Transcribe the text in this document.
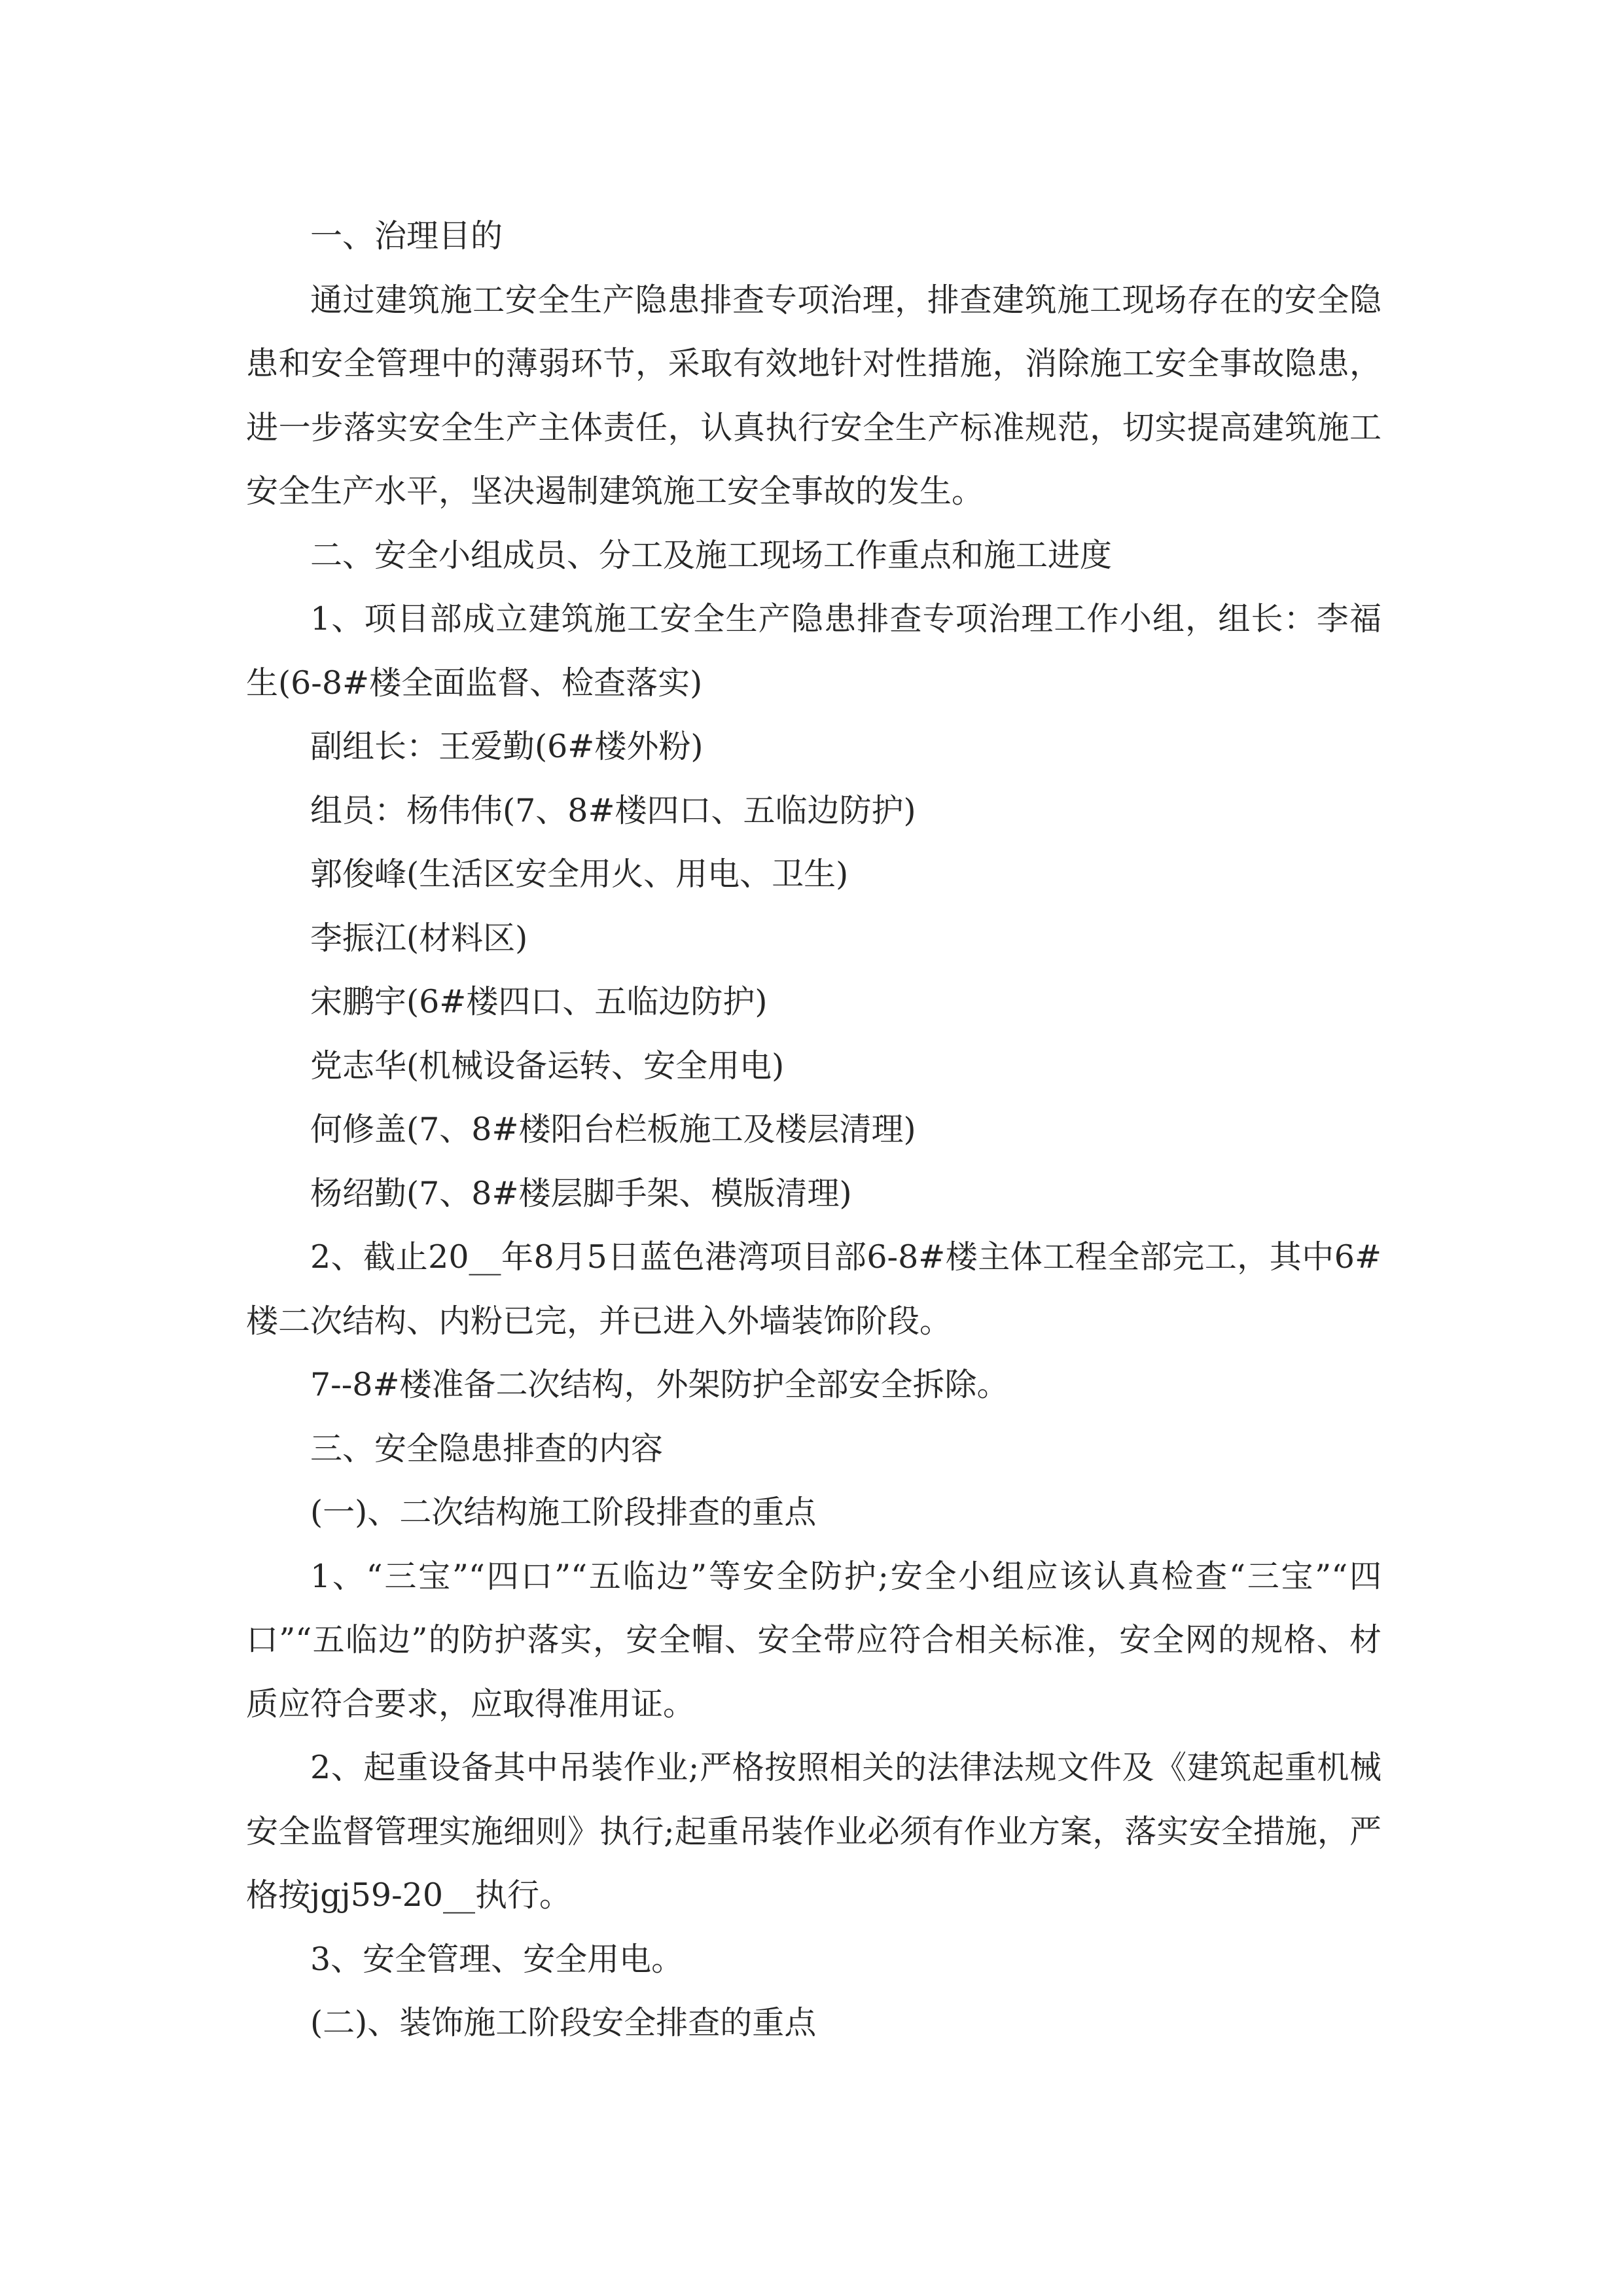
一、治理目的

通过建筑施工安全生产隐患排查专项治理，排查建筑施工现场存在的安全隐患和安全管理中的薄弱环节，采取有效地针对性措施，消除施工安全事故隐患，进一步落实安全生产主体责任，认真执行安全生产标准规范，切实提高建筑施工安全生产水平，坚决遏制建筑施工安全事故的发生。

二、安全小组成员、分工及施工现场工作重点和施工进度

1、项目部成立建筑施工安全生产隐患排查专项治理工作小组，组长：李福生(6-8#楼全面监督、检查落实)

副组长：王爱勤(6#楼外粉)

组员：杨伟伟(7、8#楼四口、五临边防护)

郭俊峰(生活区安全用火、用电、卫生)

李振江(材料区)

宋鹏宇(6#楼四口、五临边防护)

党志华(机械设备运转、安全用电)

何修盖(7、8#楼阳台栏板施工及楼层清理)

杨绍勤(7、8#楼层脚手架、模版清理)

2、截止20__年8月5日蓝色港湾项目部6-8#楼主体工程全部完工，其中6#楼二次结构、内粉已完，并已进入外墙装饰阶段。

7--8#楼准备二次结构，外架防护全部安全拆除。

三、安全隐患排查的内容

(一)、二次结构施工阶段排查的重点

1、“三宝”“四口”“五临边”等安全防护;安全小组应该认真检查“三宝”“四口”“五临边”的防护落实，安全帽、安全带应符合相关标准，安全网的规格、材质应符合要求，应取得准用证。

2、起重设备其中吊装作业;严格按照相关的法律法规文件及《建筑起重机械安全监督管理实施细则》执行;起重吊装作业必须有作业方案，落实安全措施，严格按jgj59-20__执行。

3、安全管理、安全用电。

(二)、装饰施工阶段安全排查的重点
